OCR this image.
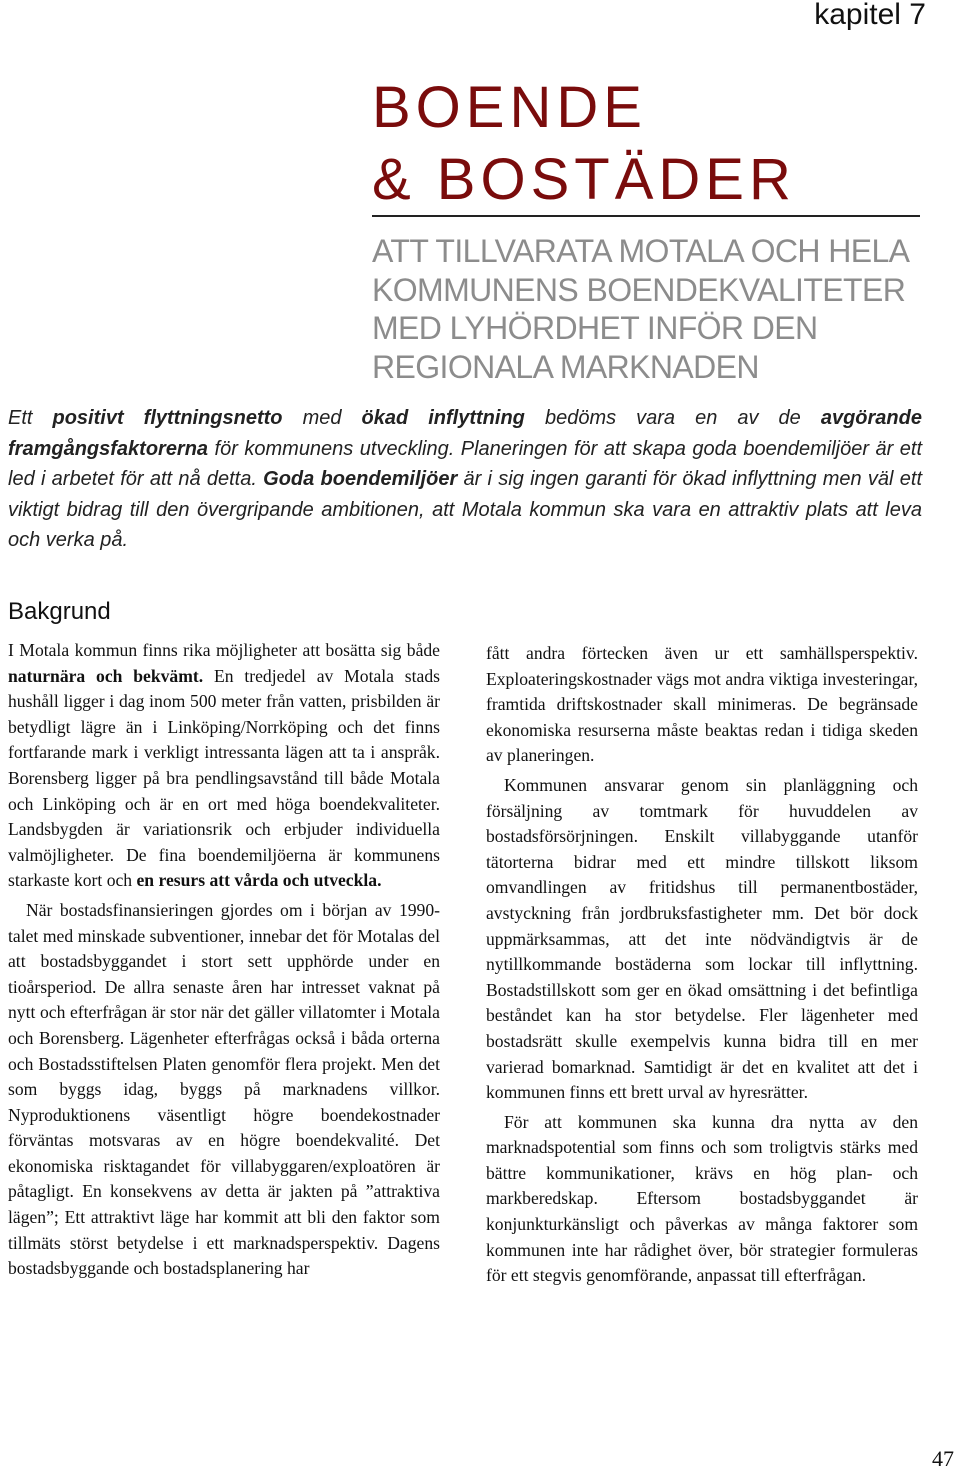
kapitel 7
BOENDE
& BOSTÄDER
ATT TILLVARATA MOTALA OCH HELA
KOMMUNENS BOENDEKVALITETER
MED LYHÖRDHET INFÖR DEN
REGIONALA MARKNADEN

Ett positivt flyttningsnetto med ökad inflyttning bedöms vara en av de avgörande framgångsfaktorerna för kommunens utveckling. Planeringen för att skapa goda boendemiljöer är ett led i arbetet för att nå detta. Goda boendemiljöer är i sig ingen garanti för ökad inflyttning men väl ett viktigt bidrag till den övergripande ambitionen, att Motala kommun ska vara en attraktiv plats att leva och verka på.

Bakgrund

I Motala kommun finns rika möjligheter att bosätta sig både naturnära och bekvämt. En tredjedel av Motala stads hushåll ligger i dag inom 500 meter från vatten, prisbilden är betydligt lägre än i Linköping/Norrköping och det finns fortfarande mark i verkligt intressanta lägen att ta i anspråk. Borensberg ligger på bra pendlingsavstånd till både Motala och Linköping och är en ort med höga boendekvaliteter. Landsbygden är variationsrik och erbjuder individuella valmöjligheter. De fina boendemiljöerna är kommunens starkaste kort och en resurs att vårda och utveckla.

När bostadsfinansieringen gjordes om i början av 1990-talet med minskade subventioner, innebar det för Motalas del att bostadsbyggandet i stort sett upphörde under en tioårsperiod. De allra senaste åren har intresset vaknat på nytt och efterfrågan är stor när det gäller villatomter i Motala och Borensberg. Lägenheter efterfrågas också i båda orterna och Bostadsstiftelsen Platen genomför flera projekt. Men det som byggs idag, byggs på marknadens villkor. Nyproduktionens väsentligt högre boendekostnader förväntas motsvaras av en högre boendekvalité. Det ekonomiska risktagandet för villabyggaren/exploatören är påtagligt. En konsekvens av detta är jakten på ”attraktiva lägen”; Ett attraktivt läge har kommit att bli den faktor som tillmäts störst betydelse i ett marknadsperspektiv. Dagens bostadsbyggande och bostadsplanering har

fått andra förtecken även ur ett samhällsperspektiv. Exploateringskostnader vägs mot andra viktiga investeringar, framtida driftskostnader skall minimeras. De begränsade ekonomiska resurserna måste beaktas redan i tidiga skeden av planeringen.

Kommunen ansvarar genom sin planläggning och försäljning av tomtmark för huvuddelen av bostadsförsörjningen. Enskilt villabyggande utanför tätorterna bidrar med ett mindre tillskott liksom omvandlingen av fritidshus till permanentbostäder, avstyckning från jordbruksfastigheter mm. Det bör dock uppmärksammas, att det inte nödvändigtvis är de nytillkommande bostäderna som lockar till inflyttning. Bostadstillskott som ger en ökad omsättning i det befintliga beståndet kan ha stor betydelse. Fler lägenheter med bostadsrätt skulle exempelvis kunna bidra till en mer varierad bomarknad. Samtidigt är det en kvalitet att det i kommunen finns ett brett urval av hyresrätter.

För att kommunen ska kunna dra nytta av den marknadspotential som finns och som troligtvis stärks med bättre kommunikationer, krävs en hög plan- och markberedskap. Eftersom bostadsbyggandet är konjunkturkänsligt och påverkas av många faktorer som kommunen inte har rådighet över, bör strategier formuleras för ett stegvis genomförande, anpassat till efterfrågan.

47
